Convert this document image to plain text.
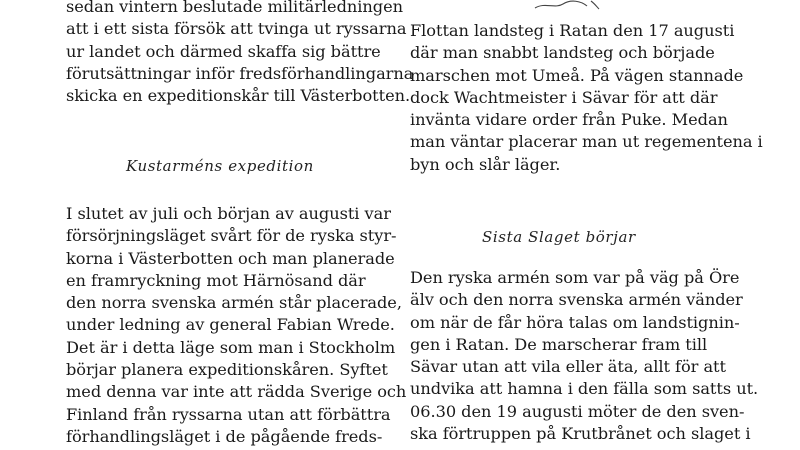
sedan vintern beslutade militärledningen
att i ett sista försök att tvinga ut ryssarna
ur landet och därmed skaffa sig bättre
förutsättningar inför fredsförhandlingarna
skicka en expeditionskår till Västerbotten.
Kustarméns expedition
I slutet av juli och början av augusti var
försörjningsläget svårt för de ryska styr-
korna i Västerbotten och man planerade
en framryckning mot Härnösand där
den norra svenska armén står placerade,
under ledning av general Fabian Wrede.
Det är i detta läge som man i Stockholm
börjar planera expeditionskåren. Syftet
med denna var inte att rädda Sverige och
Finland från ryssarna utan att förbättra
förhandlingsläget i de pågående freds-
Flottan landsteg i Ratan den 17 augusti
där man snabbt landsteg och började
marschen mot Umeå. På vägen stannade
dock Wachtmeister i Sävar för att där
invänta vidare order från Puke. Medan
man väntar placerar man ut regementena i
byn och slår läger.
Sista Slaget börjar
Den ryska armén som var på väg på Öre
älv och den norra svenska armén vänder
om när de får höra talas om landstignin-
gen i Ratan. De marscherar fram till
Sävar utan att vila eller äta, allt för att
undvika att hamna i den fälla som satts ut.
06.30 den 19 augusti möter de den sven-
ska förtruppen på Krutbrånet och slaget i
